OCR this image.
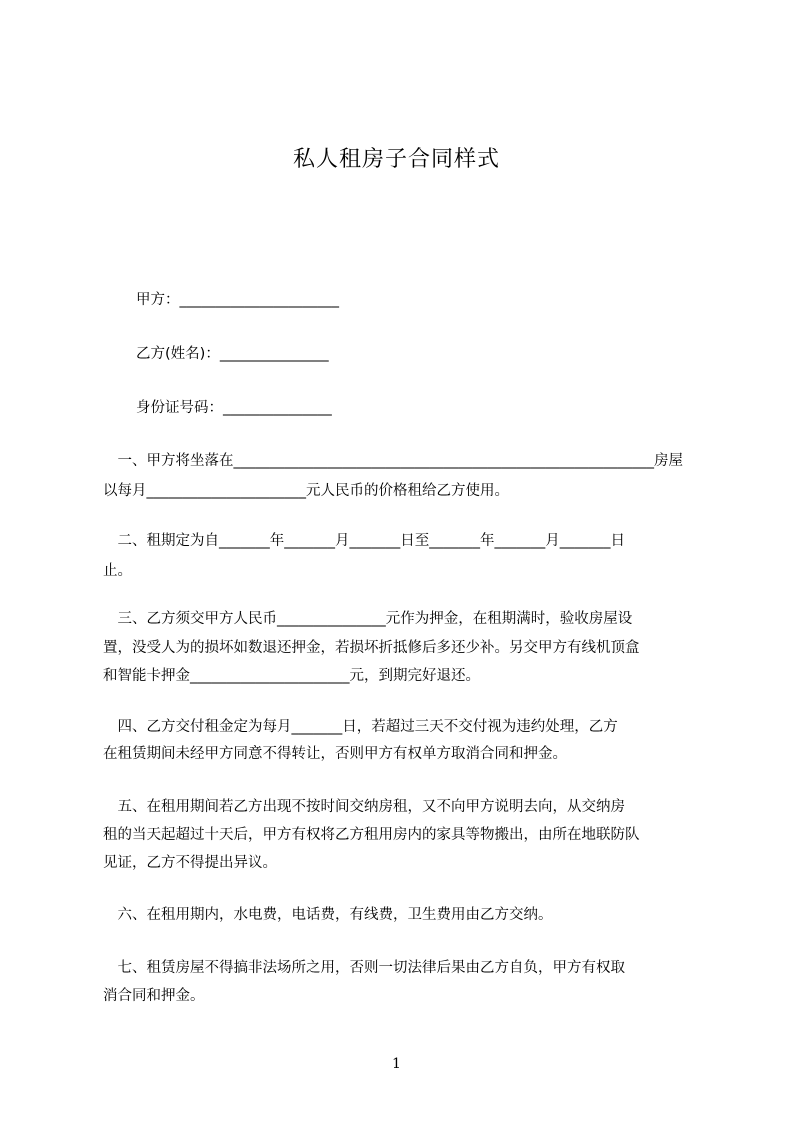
私人租房子合同样式
甲方：______________________
乙方(姓名)：_______________
身份证号码：_______________
　一、甲方将坐落在__________________________________________________________房屋
以每月______________________元人民币的价格租给乙方使用。
　二、租期定为自_______年_______月_______日至_______年_______月_______日
止。
　三、乙方须交甲方人民币_______________元作为押金，在租期满时，验收房屋设
置，没受人为的损坏如数退还押金，若损坏折抵修后多还少补。另交甲方有线机顶盒
和智能卡押金______________________元，到期完好退还。
　四、乙方交付租金定为每月_______日，若超过三天不交付视为违约处理，乙方
在租赁期间未经甲方同意不得转让，否则甲方有权单方取消合同和押金。
　五、在租用期间若乙方出现不按时间交纳房租，又不向甲方说明去向，从交纳房
租的当天起超过十天后，甲方有权将乙方租用房内的家具等物搬出，由所在地联防队
见证，乙方不得提出异议。
　六、在租用期内，水电费，电话费，有线费，卫生费用由乙方交纳。
　七、租赁房屋不得搞非法场所之用，否则一切法律后果由乙方自负，甲方有权取
消合同和押金。
1
